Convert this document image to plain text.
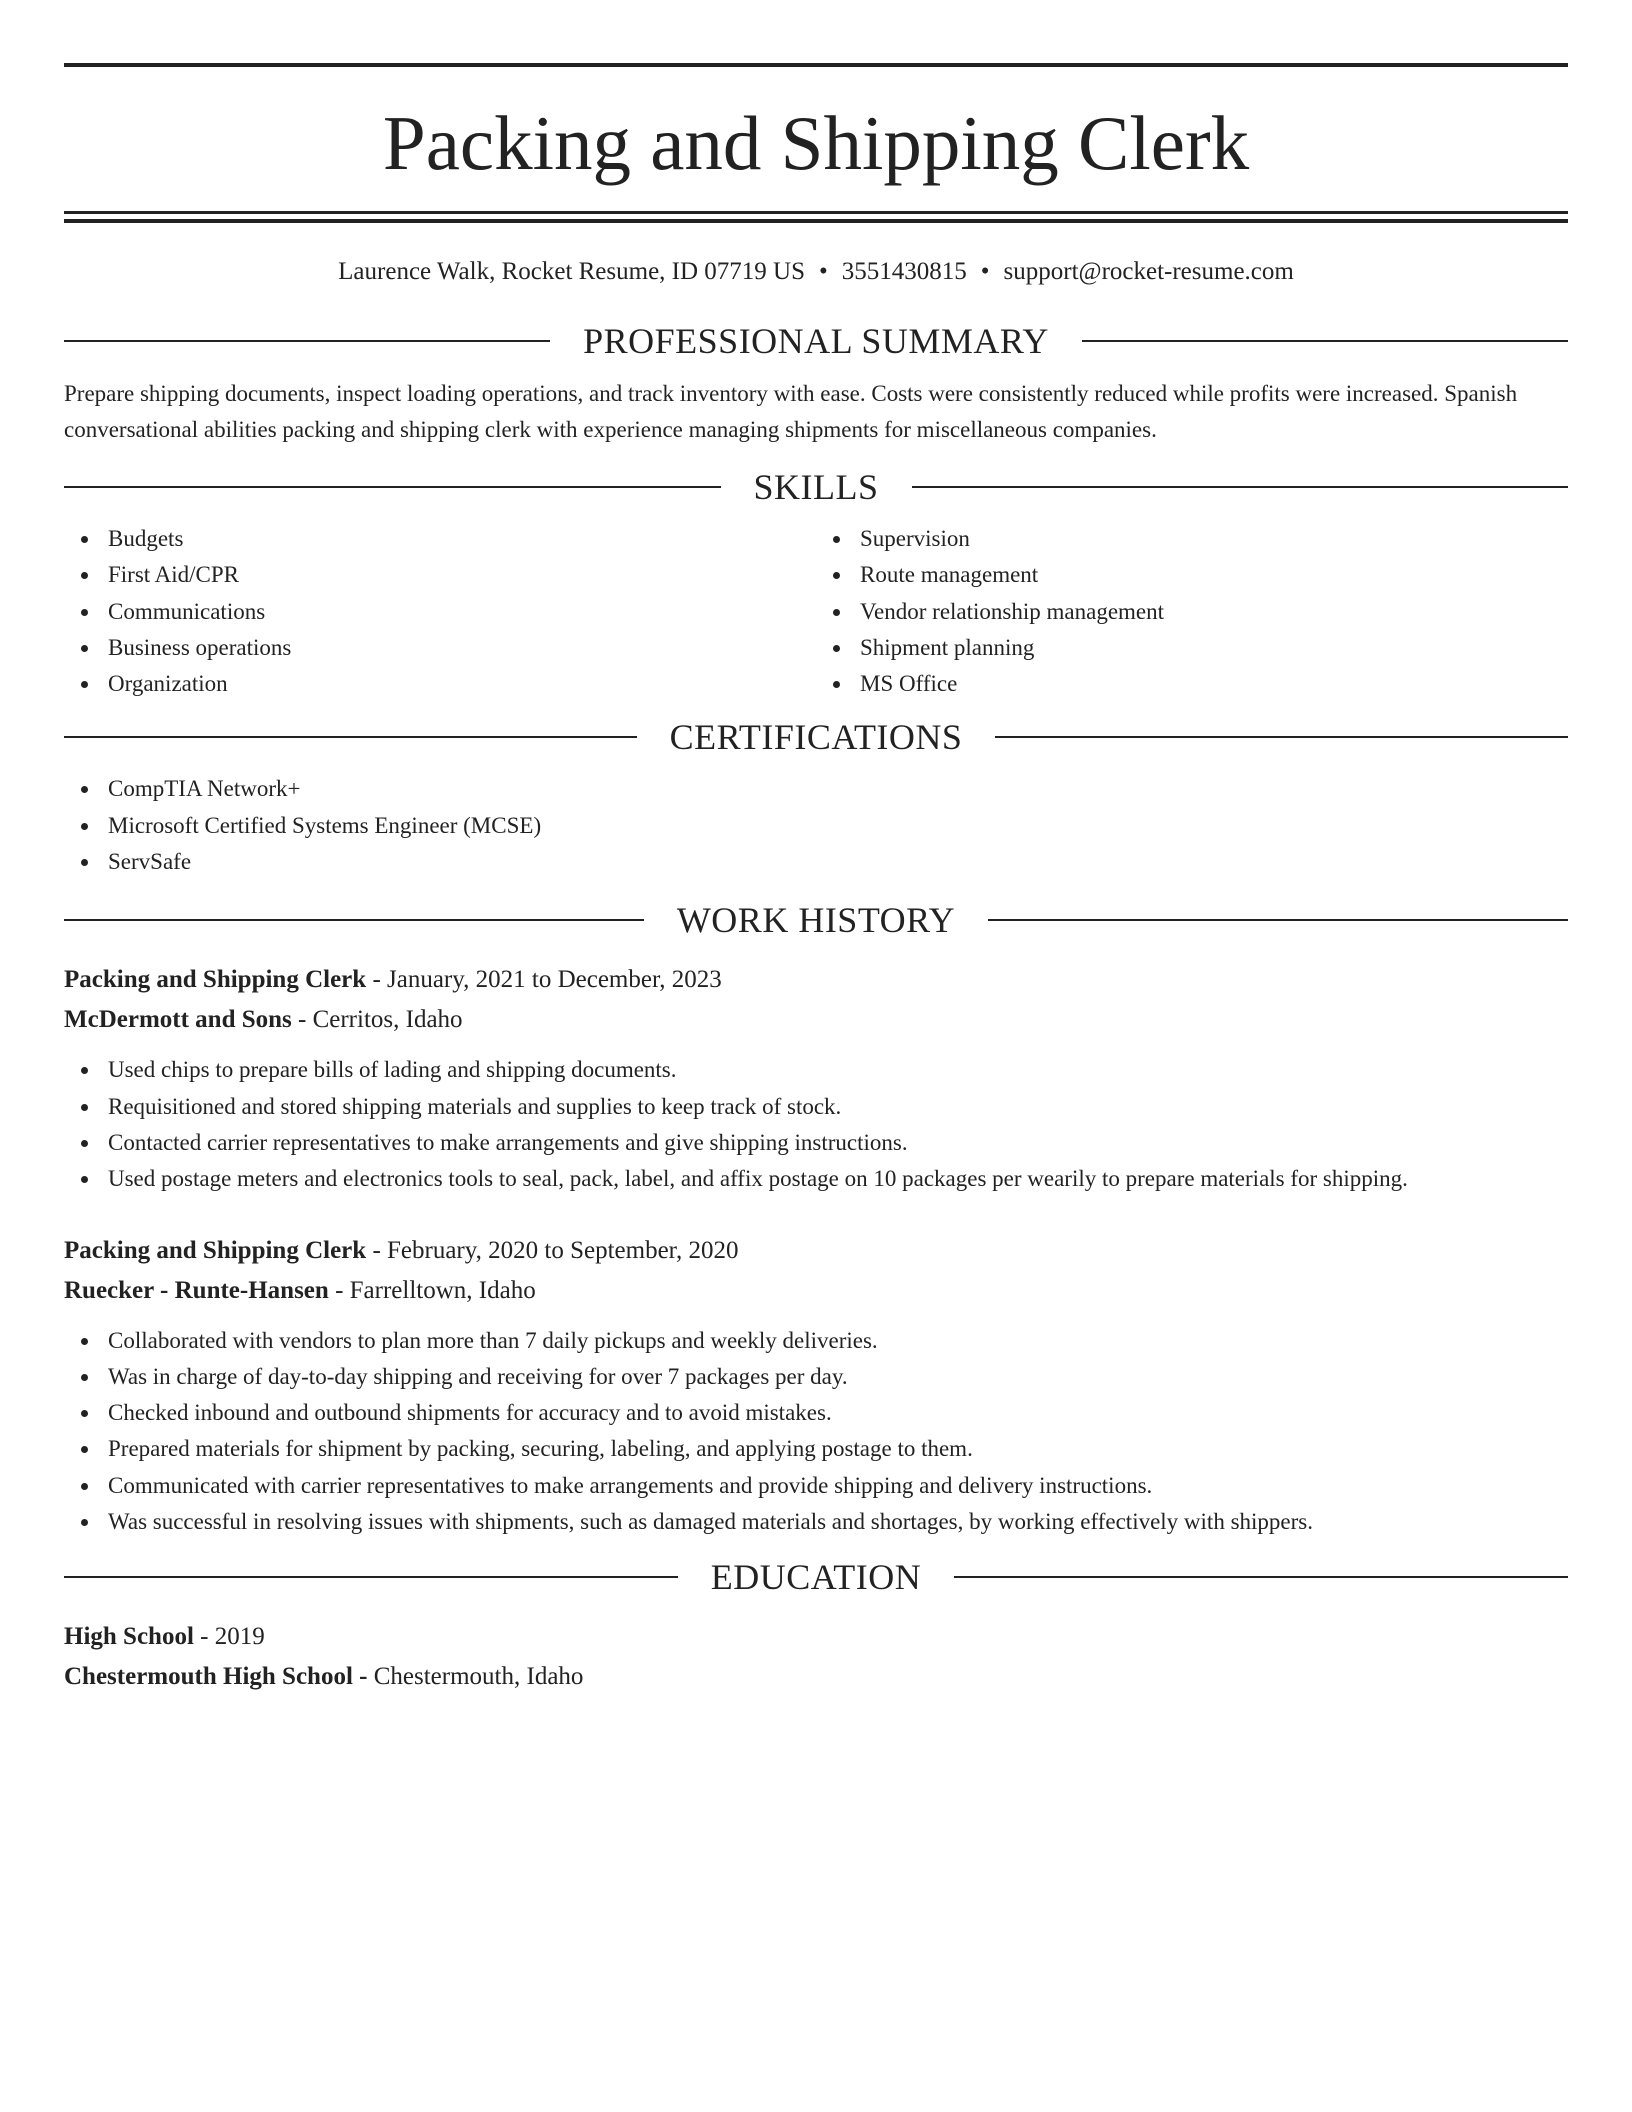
Packing and Shipping Clerk
Laurence Walk, Rocket Resume, ID 07719 US • 3551430815 • support@rocket-resume.com
PROFESSIONAL SUMMARY

Prepare shipping documents, inspect loading operations, and track inventory with ease. Costs were consistently reduced while profits were increased. Spanish conversational abilities packing and shipping clerk with experience managing shipments for miscellaneous companies.

SKILLS
Budgets
First Aid/CPR
Communications
Business operations
Organization
Supervision
Route management
Vendor relationship management
Shipment planning
MS Office
CERTIFICATIONS
CompTIA Network+
Microsoft Certified Systems Engineer (MCSE)
ServSafe
WORK HISTORY
Packing and Shipping Clerk - January, 2021 to December, 2023
McDermott and Sons - Cerritos, Idaho
Used chips to prepare bills of lading and shipping documents.
Requisitioned and stored shipping materials and supplies to keep track of stock.
Contacted carrier representatives to make arrangements and give shipping instructions.
Used postage meters and electronics tools to seal, pack, label, and affix postage on 10 packages per wearily to prepare materials for shipping.
Packing and Shipping Clerk - February, 2020 to September, 2020
Ruecker - Runte-Hansen - Farrelltown, Idaho
Collaborated with vendors to plan more than 7 daily pickups and weekly deliveries.
Was in charge of day-to-day shipping and receiving for over 7 packages per day.
Checked inbound and outbound shipments for accuracy and to avoid mistakes.
Prepared materials for shipment by packing, securing, labeling, and applying postage to them.
Communicated with carrier representatives to make arrangements and provide shipping and delivery instructions.
Was successful in resolving issues with shipments, such as damaged materials and shortages, by working effectively with shippers.
EDUCATION
High School - 2019
Chestermouth High School - Chestermouth, Idaho
